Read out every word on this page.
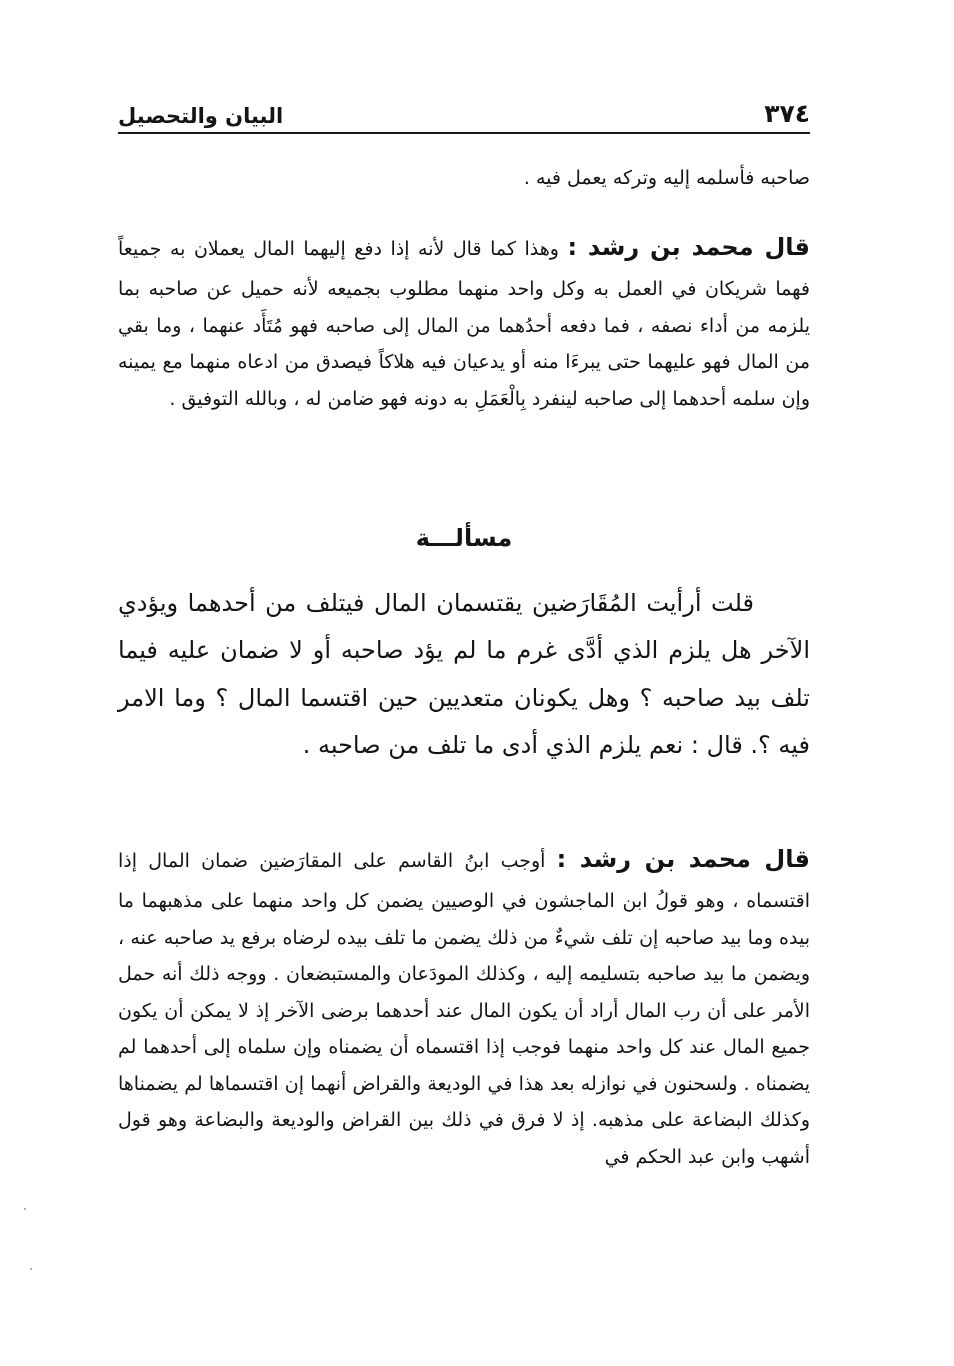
٣٧٤
البيان والتحصيل

صاحبه فأسلمه إليه وتركه يعمل فيه .

قال محمد بن رشد : وهذا كما قال لأنه إذا دفع إليهما المال يعملان به جميعاً فهما شريكان في العمل به وكل واحد منهما مطلوب بجميعه لأنه حميل عن صاحبه بما يلزمه من أداء نصفه ، فما دفعه أحدُهما من المال إلى صاحبه فهو مُتَأَد عنهما ، وما بقي من المال فهو عليهما حتى يبرءَا منه أو يدعيان فيه هلاكاً فيصدق من ادعاه منهما مع يمينه وإن سلمه أحدهما إلى صاحبه لينفرد بِالْعَمَلِ به دونه فهو ضامن له ، وبالله التوفيق .

مسألـــة

قلت أرأيت المُقَارَضين يقتسمان المال فيتلف من أحدهما ويؤدي الآخر هل يلزم الذي أدَّى غرم ما لم يؤد صاحبه أو لا ضمان عليه فيما تلف بيد صاحبه ؟ وهل يكونان متعديين حين اقتسما المال ؟ وما الامر فيه ؟. قال : نعم يلزم الذي أدى ما تلف من صاحبه .

قال محمد بن رشد : أوجب ابنُ القاسم على المقارَضين ضمان المال إذا اقتسماه ، وهو قولُ ابن الماجشون في الوصيين يضمن كل واحد منهما على مذهبهما ما بيده وما بيد صاحبه إن تلف شيءٌ من ذلك يضمن ما تلف بيده لرضاه برفع يد صاحبه عنه ، ويضمن ما بيد صاحبه بتسليمه إليه ، وكذلك المودَعان والمستبضعان . ووجه ذلك أنه حمل الأمر على أن رب المال أراد أن يكون المال عند أحدهما برضى الآخر إذ لا يمكن أن يكون جميع المال عند كل واحد منهما فوجب إذا اقتسماه أن يضمناه وإن سلماه إلى أحدهما لم يضمناه . ولسحنون في نوازله بعد هذا في الوديعة والقراض أنهما إن اقتسماها لم يضمناها وكذلك البضاعة على مذهبه. إذ لا فرق في ذلك بين القراض والوديعة والبضاعة وهو قول أشهب وابن عبد الحكم في
